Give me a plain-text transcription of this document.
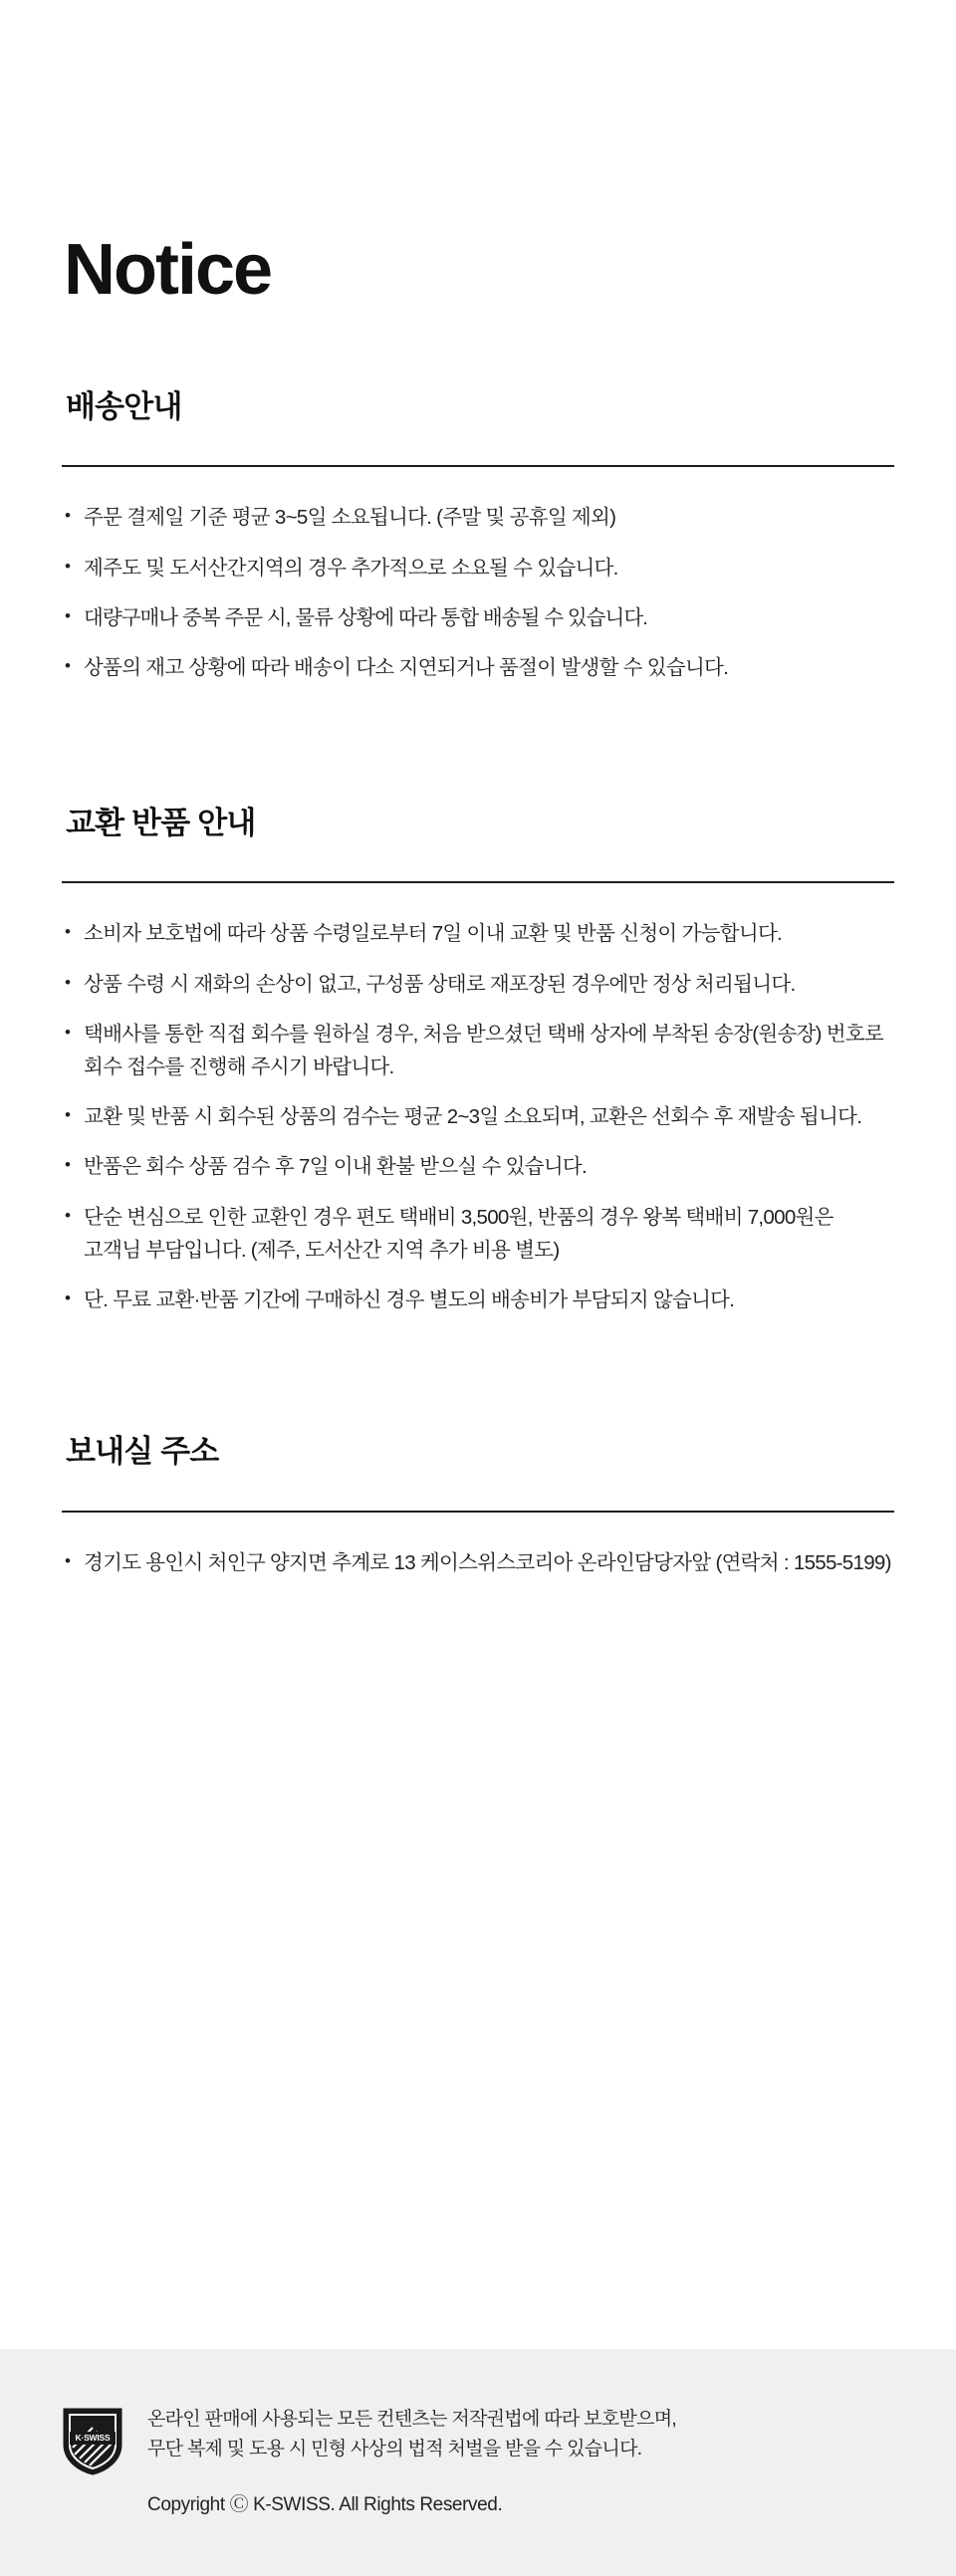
Notice
배송안내
• 주문 결제일 기준 평균 3~5일 소요됩니다. (주말 및 공휴일 제외)
• 제주도 및 도서산간지역의 경우 추가적으로 소요될 수 있습니다.
• 대량구매나 중복 주문 시, 물류 상황에 따라 통합 배송될 수 있습니다.
• 상품의 재고 상황에 따라 배송이 다소 지연되거나 품절이 발생할 수 있습니다.
교환 반품 안내
• 소비자 보호법에 따라 상품 수령일로부터 7일 이내 교환 및 반품 신청이 가능합니다.
• 상품 수령 시 재화의 손상이 없고, 구성품 상태로 재포장된 경우에만 정상 처리됩니다.
• 택배사를 통한 직접 회수를 원하실 경우, 처음 받으셨던 택배 상자에 부착된 송장(원송장) 번호로 회수 접수를 진행해 주시기 바랍니다.
• 교환 및 반품 시 회수된 상품의 검수는 평균 2~3일 소요되며, 교환은 선회수 후 재발송 됩니다.
• 반품은 회수 상품 검수 후 7일 이내 환불 받으실 수 있습니다.
• 단순 변심으로 인한 교환인 경우 편도 택배비 3,500원, 반품의 경우 왕복 택배비 7,000원은 고객님 부담입니다. (제주, 도서산간 지역 추가 비용 별도)
• 단. 무료 교환·반품 기간에 구매하신 경우 별도의 배송비가 부담되지 않습니다.
보내실 주소
• 경기도 용인시 처인구 양지면 추계로 13 케이스위스코리아 온라인담당자앞 (연락처 : 1555-5199)
K·SWISS
온라인 판매에 사용되는 모든 컨텐츠는 저작권법에 따라 보호받으며,
무단 복제 및 도용 시 민형 사상의 법적 처벌을 받을 수 있습니다.
Copyright Ⓒ K-SWISS. All Rights Reserved.
